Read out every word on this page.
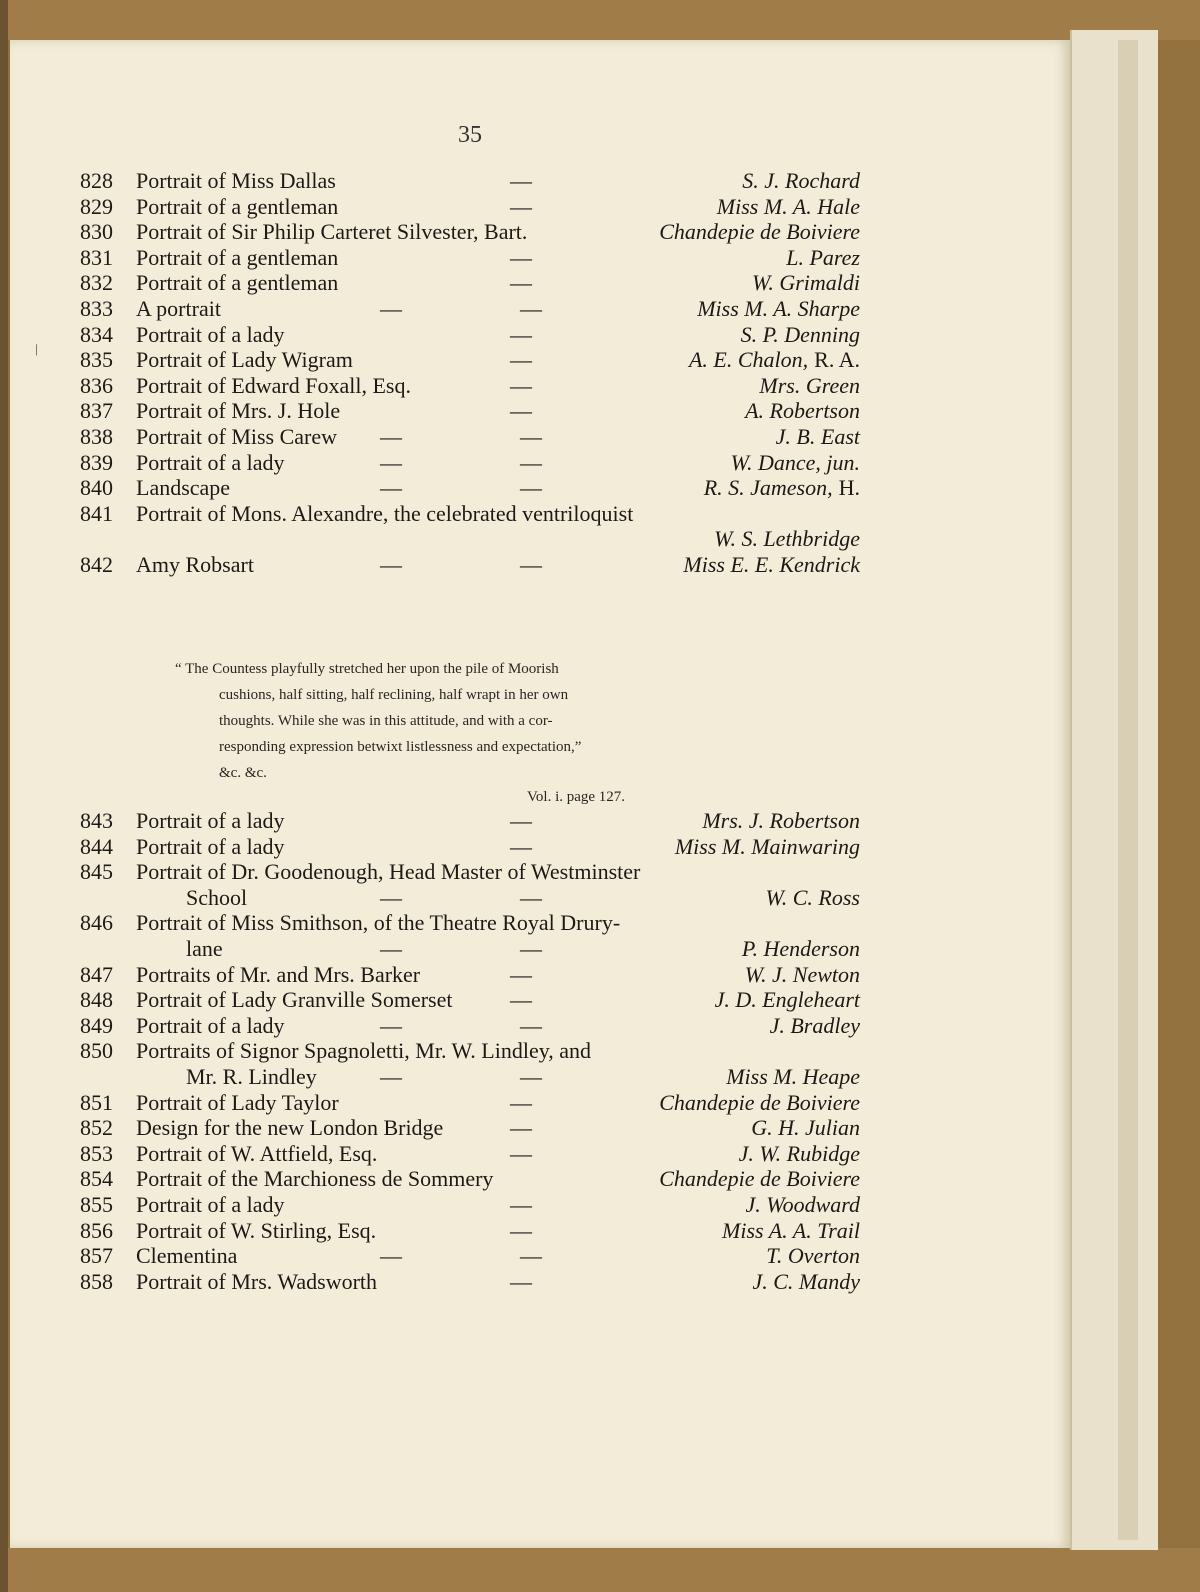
35
\
828	Portrait of Miss Dallas	—	S. J. Rochard
829	Portrait of a gentleman	—	Miss M. A. Hale
830	Portrait of Sir Philip Carteret Silvester, Bart.	Chandepie de Boiviere
831	Portrait of a gentleman	—	L. Parez
832	Portrait of a gentleman	—	W. Grimaldi
833	A portrait	—	—	Miss M. A. Sharpe
834	Portrait of a lady	—	S. P. Denning
835	Portrait of Lady Wigram	—	A. E. Chalon, R. A.
836	Portrait of Edward Foxall, Esq.	—	Mrs. Green
837	Portrait of Mrs. J. Hole	—	A. Robertson
838	Portrait of Miss Carew —	—	J. B. East
839	Portrait of a lady	—	—	W. Dance, jun.
840	Landscape	—	—	R. S. Jameson, H.
841	Portrait of Mons. Alexandre, the celebrated ventriloquist
W. S. Lethbridge
842	Amy Robsart	—	—	Miss E. E. Kendrick

“ The Countess playfully stretched her upon the pile of Moorish

cushions, half sitting, half reclining, half wrapt in her own

thoughts. While she was in this attitude, and with a cor-

responding expression betwixt listlessness and expectation,”

&c. &c.

Vol. i. page 127.
843	Portrait of a lady	—	Mrs. J. Robertson
844	Portrait of a lady	—	Miss M. Mainwaring
845	Portrait of Dr. Goodenough, Head Master of Westminster
School	—	—	W. C. Ross
846	Portrait of Miss Smithson, of the Theatre Royal Drury-
lane	—	—	P. Henderson
847	Portraits of Mr. and Mrs. Barker	—	W. J. Newton
848	Portrait of Lady Granville Somerset	—	J. D. Engleheart
849	Portrait of a lady	—	—	J. Bradley
850	Portraits of Signor Spagnoletti, Mr. W. Lindley, and
Mr. R. Lindley	—	—	Miss M. Heape
851	Portrait of Lady Taylor	—	Chandepie de Boiviere
852	Design for the new London Bridge	—	G. H. Julian
853	Portrait of W. Attfield, Esq.	—	J. W. Rubidge
854	Portrait of the Marchioness de Sommery	Chandepie de Boiviere
855	Portrait of a lady	—	J. Woodward
856	Portrait of W. Stirling, Esq.	—	Miss A. A. Trail
857	Clementina	—	—	T. Overton
858	Portrait of Mrs. Wadsworth	—	J. C. Mandy
